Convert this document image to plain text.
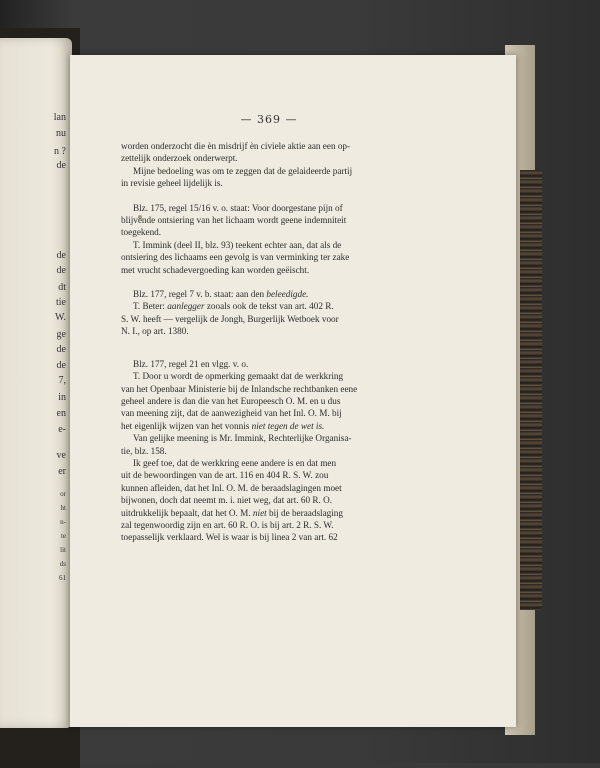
lan
nu
n ?
de
de
de
dt
tie
W.
ge
de
de
7,
in
en
e-
ve
er
or
ht
n-
te
lit
ds
61
— 369 —

worden onderzocht die èn misdrijf èn civiele aktie aan een op-
zettelijk onderzoek onderwerpt.

Mijne bedoeling was om te zeggen dat de gelaideerde partij
in revisie geheel lijdelijk is.

Blz. 175, regel 15/16 v. o. staat: Voor doorgestane pijn of
blijvende ontsiering van het lichaam wordt geene indemniteit
toegekend.

T. Immink (deel II, blz. 93) teekent echter aan, dat als de
ontsiering des lichaams een gevolg is van verminking ter zake
met vrucht schadevergoeding kan worden geëischt.

Blz. 177, regel 7 v. b. staat: aan den beleedigde.

T. Beter: aanlegger zooals ook de tekst van art. 402 R.
S. W. heeft — vergelijk de Jongh, Burgerlijk Wetboek voor
N. I., op art. 1380.

Blz. 177, regel 21 en vlgg. v. o.

T. Door u wordt de opmerking gemaakt dat de werkkring
van het Openbaar Ministerie bij de Inlandsche rechtbanken eene
geheel andere is dan die van het Europeesch O. M. en u dus
van meening zijt, dat de aanwezigheid van het Inl. O. M. bij
het eigenlijk wijzen van het vonnis niet tegen de wet is.

Van gelijke meening is Mr. Immink, Rechterlijke Organisa-
tie, blz. 158.

Ik geef toe, dat de werkkring eene andere is en dat men
uit de bewoordingen van de art. 116 en 404 R. S. W. zou
kunnen afleiden, dat het Inl. O. M. de beraadslagingen moet
bijwonen, doch dat neemt m. i. niet weg, dat art. 60 R. O.
uitdrukkelijk bepaalt, dat het O. M. niet bij de beraadslaging
zal tegenwoordig zijn en art. 60 R. O. is bij art. 2 R. S. W.
toepasselijk verklaard. Wel is waar is bij linea 2 van art. 62
